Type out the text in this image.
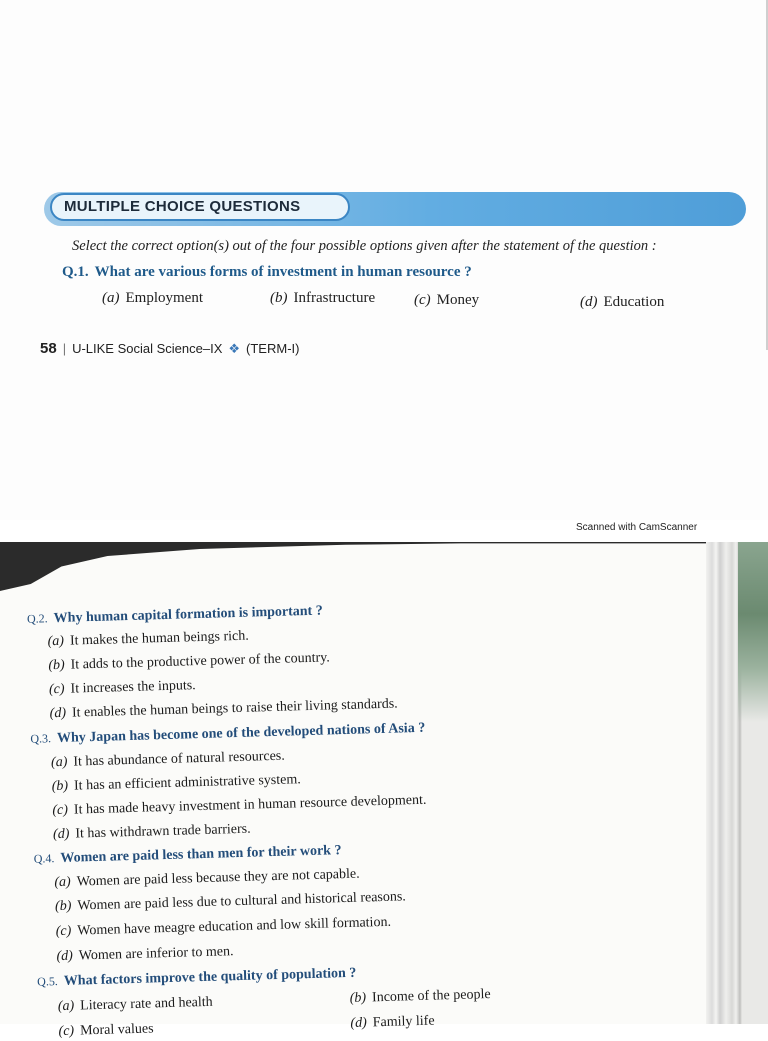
MULTIPLE CHOICE QUESTIONS
Select the correct option(s) out of the four possible options given after the statement of the question :
Q.1. What are various forms of investment in human resource ?
(a) Employment	(b) Infrastructure	(c) Money	(d) Education
58 | U-LIKE Social Science–IX ❖ (TERM-I)
Scanned with CamScanner
Q.2. Why human capital formation is important ?
(a) It makes the human beings rich.
(b) It adds to the productive power of the country.
(c) It increases the inputs.
(d) It enables the human beings to raise their living standards.
Q.3. Why Japan has become one of the developed nations of Asia ?
(a) It has abundance of natural resources.
(b) It has an efficient administrative system.
(c) It has made heavy investment in human resource development.
(d) It has withdrawn trade barriers.
Q.4. Women are paid less than men for their work ?
(a) Women are paid less because they are not capable.
(b) Women are paid less due to cultural and historical reasons.
(c) Women have meagre education and low skill formation.
(d) Women are inferior to men.
Q.5. What factors improve the quality of population ?
(a) Literacy rate and health	(b) Income of the people
(c) Moral values	(d) Family life
